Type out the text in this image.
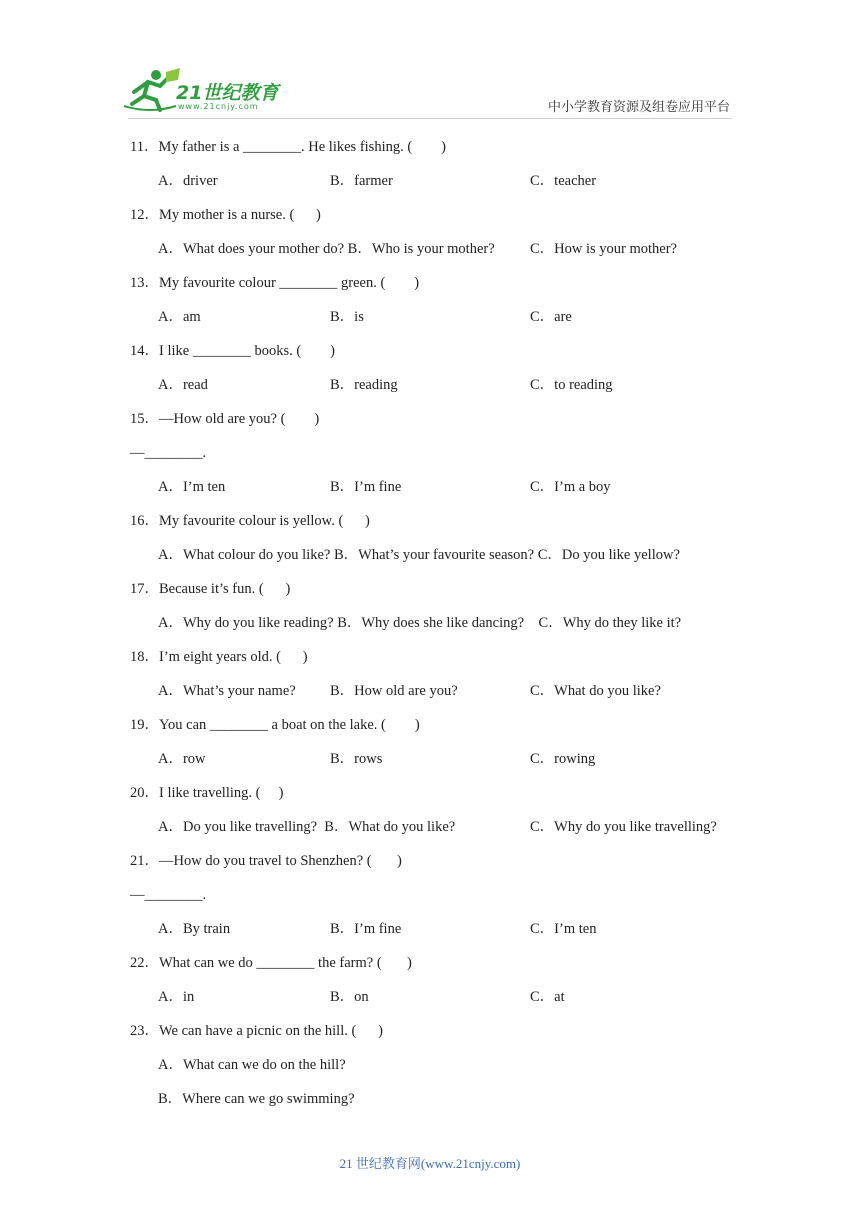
21世纪教育
www.21cnjy.com	中小学教育资源及组卷应用平台
11．My father is a ________. He likes fishing. (        )
A．driver	B．farmer	C．teacher
12．My mother is a nurse. (      )
A．What does your mother do? B．Who is your mother? C．How is your mother?
13．My favourite colour ________ green. (        )
A．am	B．is	C．are
14．I like ________ books. (        )
A．read	B．reading	C．to reading
15．—How old are you? (        )
—________.
A．I’m ten	B．I’m fine	C．I’m a boy
16．My favourite colour is yellow. (      )
A．What colour do you like? B．What’s your favourite season? C．Do you like yellow?
17．Because it’s fun. (      )
A．Why do you like reading? B．Why does she like dancing?    C．Why do they like it?
18．I’m eight years old. (      )
A．What’s your name? B．How old are you?	C．What do you like?
19．You can ________ a boat on the lake. (        )
A．row	B．rows	C．rowing
20．I like travelling. (     )
A．Do you like travelling?  B．What do you like?	C．Why do you like travelling?
21．—How do you travel to Shenzhen? (       )
—________.
A．By train	B．I’m fine	C．I’m ten
22．What can we do ________ the farm? (       )
A．in	B．on	C．at
23．We can have a picnic on the hill. (      )
A．What can we do on the hill?
B．Where can we go swimming?
21 世纪教育网(www.21cnjy.com)
